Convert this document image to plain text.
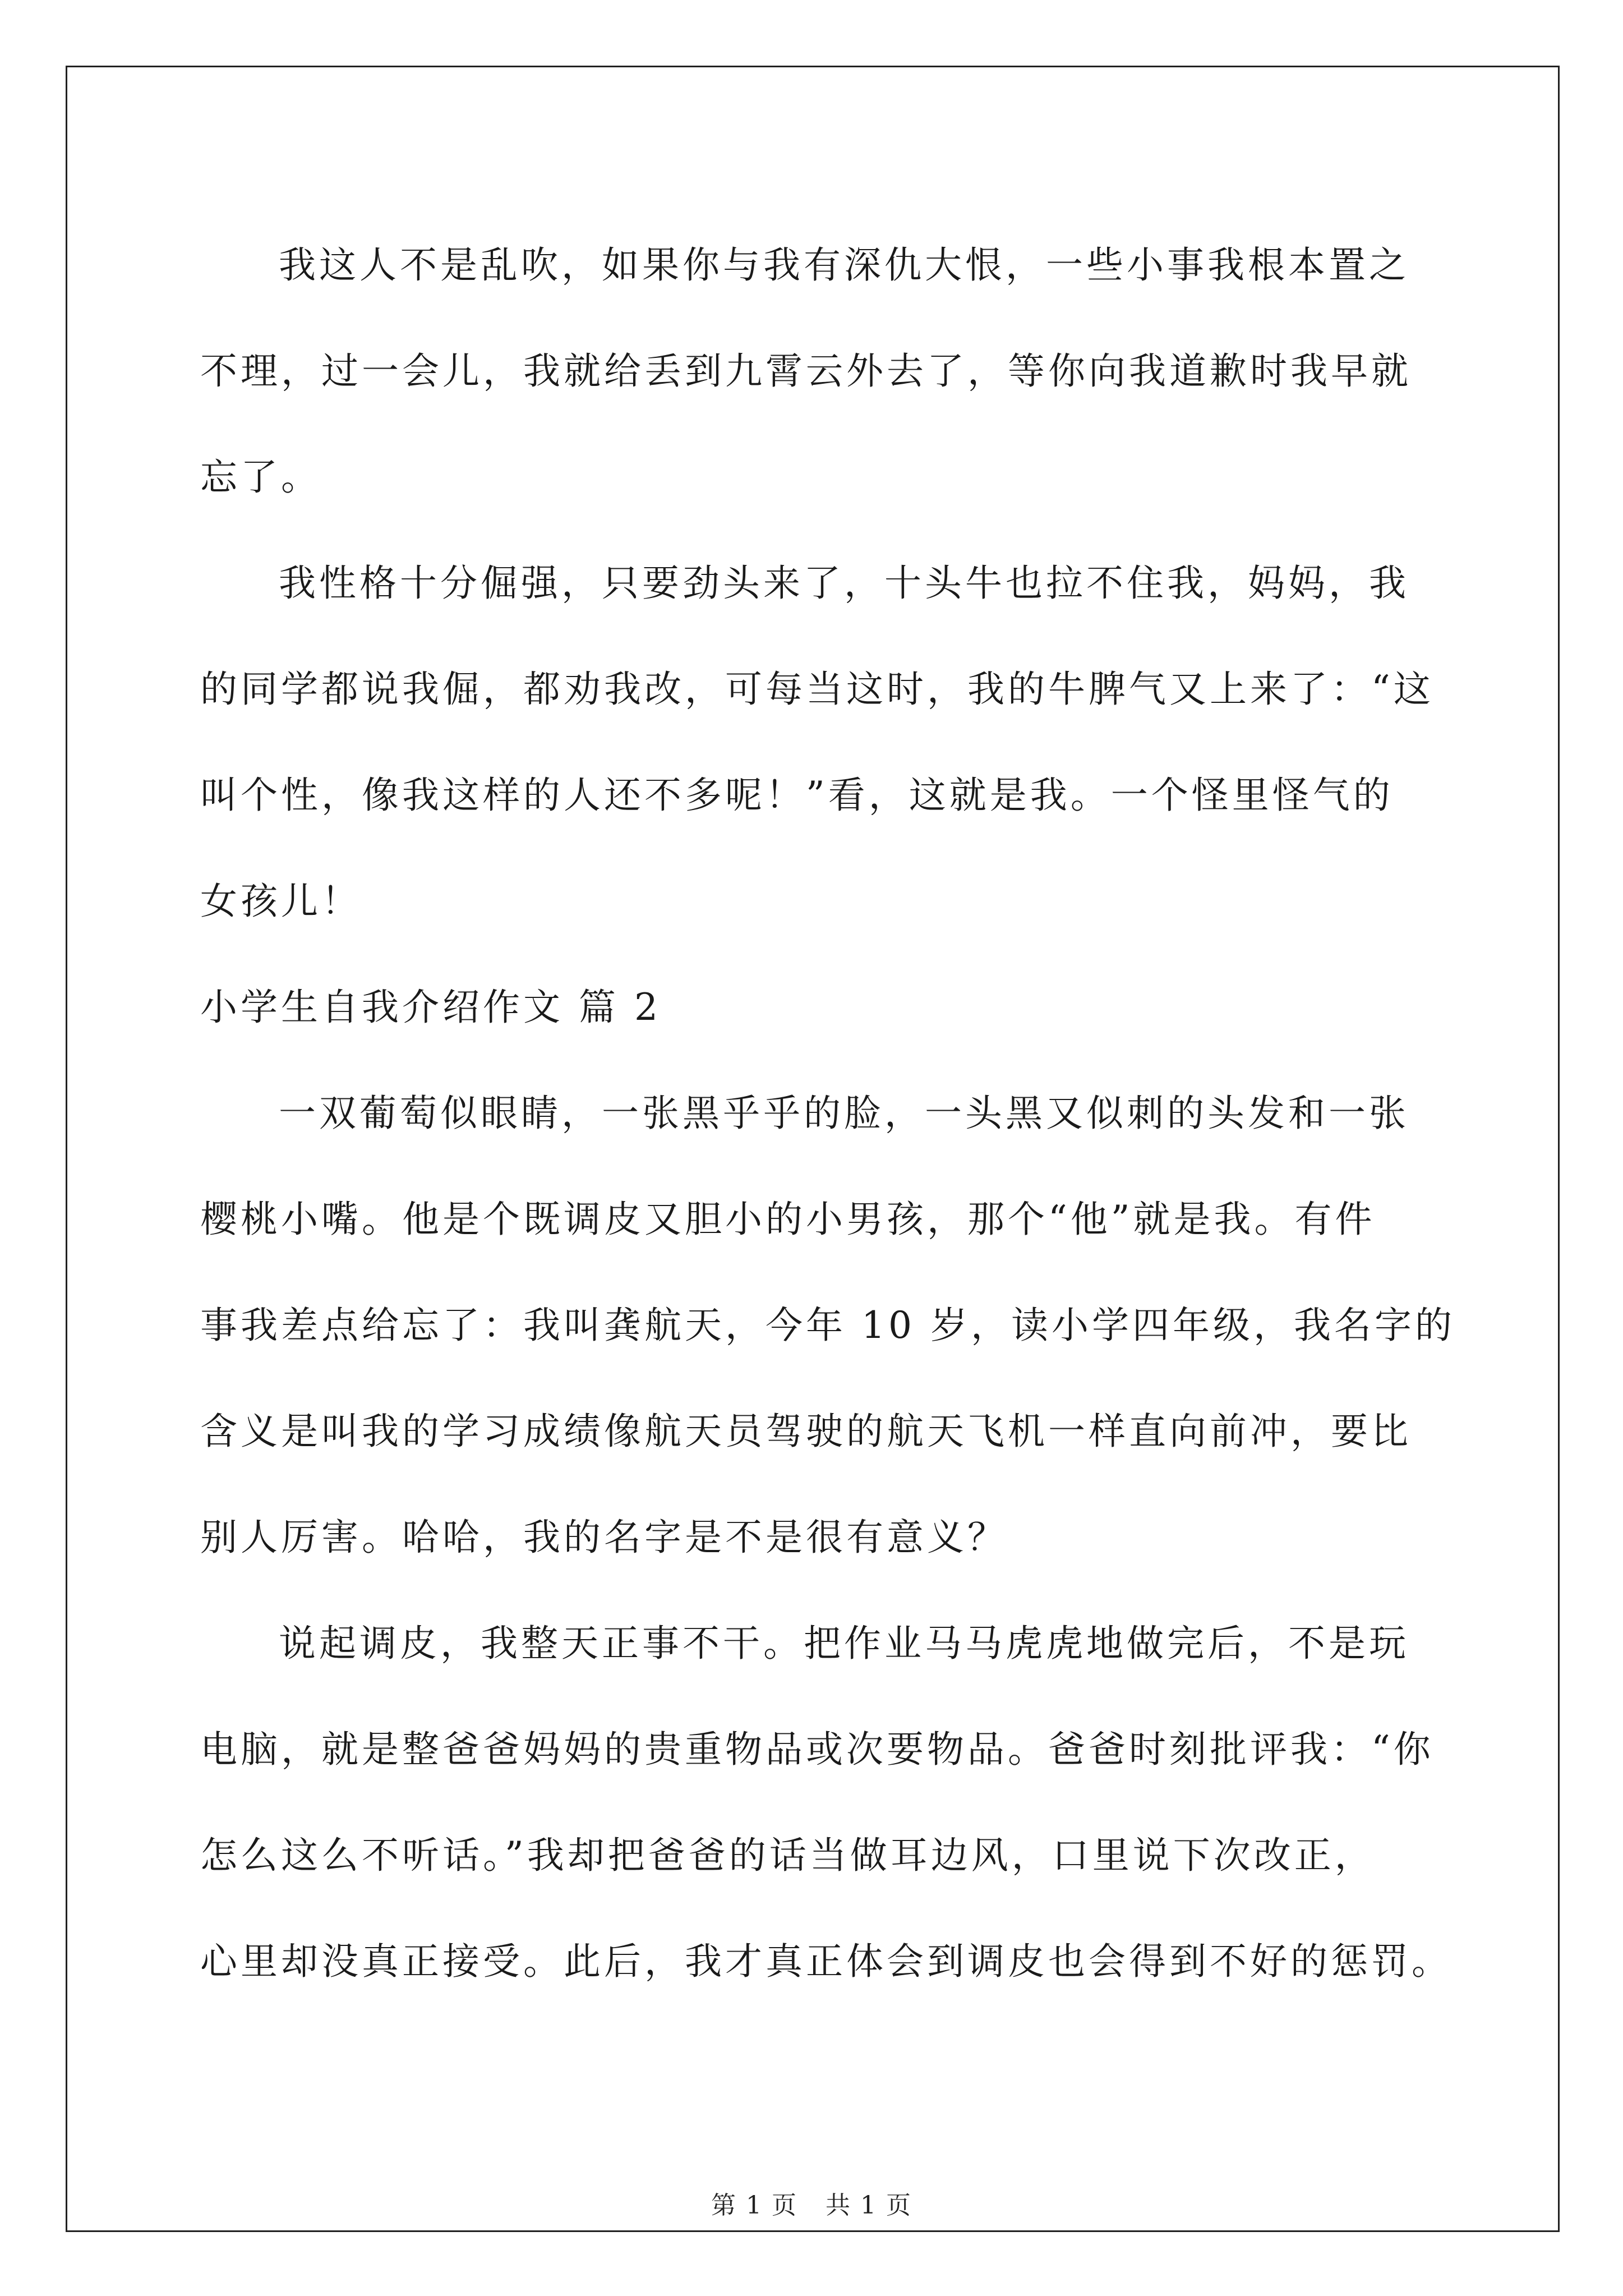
我这人不是乱吹，如果你与我有深仇大恨，一些小事我根本置之
不理，过一会儿，我就给丢到九霄云外去了，等你向我道歉时我早就
忘了。
我性格十分倔强，只要劲头来了，十头牛也拉不住我，妈妈，我
的同学都说我倔，都劝我改，可每当这时，我的牛脾气又上来了：“这
叫个性，像我这样的人还不多呢！”看，这就是我。一个怪里怪气的
女孩儿！
小学生自我介绍作文 篇 2
一双葡萄似眼睛，一张黑乎乎的脸，一头黑又似刺的头发和一张
樱桃小嘴。他是个既调皮又胆小的小男孩，那个“他”就是我。有件
事我差点给忘了：我叫龚航天，今年 10 岁，读小学四年级，我名字的
含义是叫我的学习成绩像航天员驾驶的航天飞机一样直向前冲，要比
别人厉害。哈哈，我的名字是不是很有意义？
说起调皮，我整天正事不干。把作业马马虎虎地做完后，不是玩
电脑，就是整爸爸妈妈的贵重物品或次要物品。爸爸时刻批评我：“你
怎么这么不听话。”我却把爸爸的话当做耳边风，口里说下次改正，
心里却没真正接受。此后，我才真正体会到调皮也会得到不好的惩罚。
第 1 页 共 1 页
